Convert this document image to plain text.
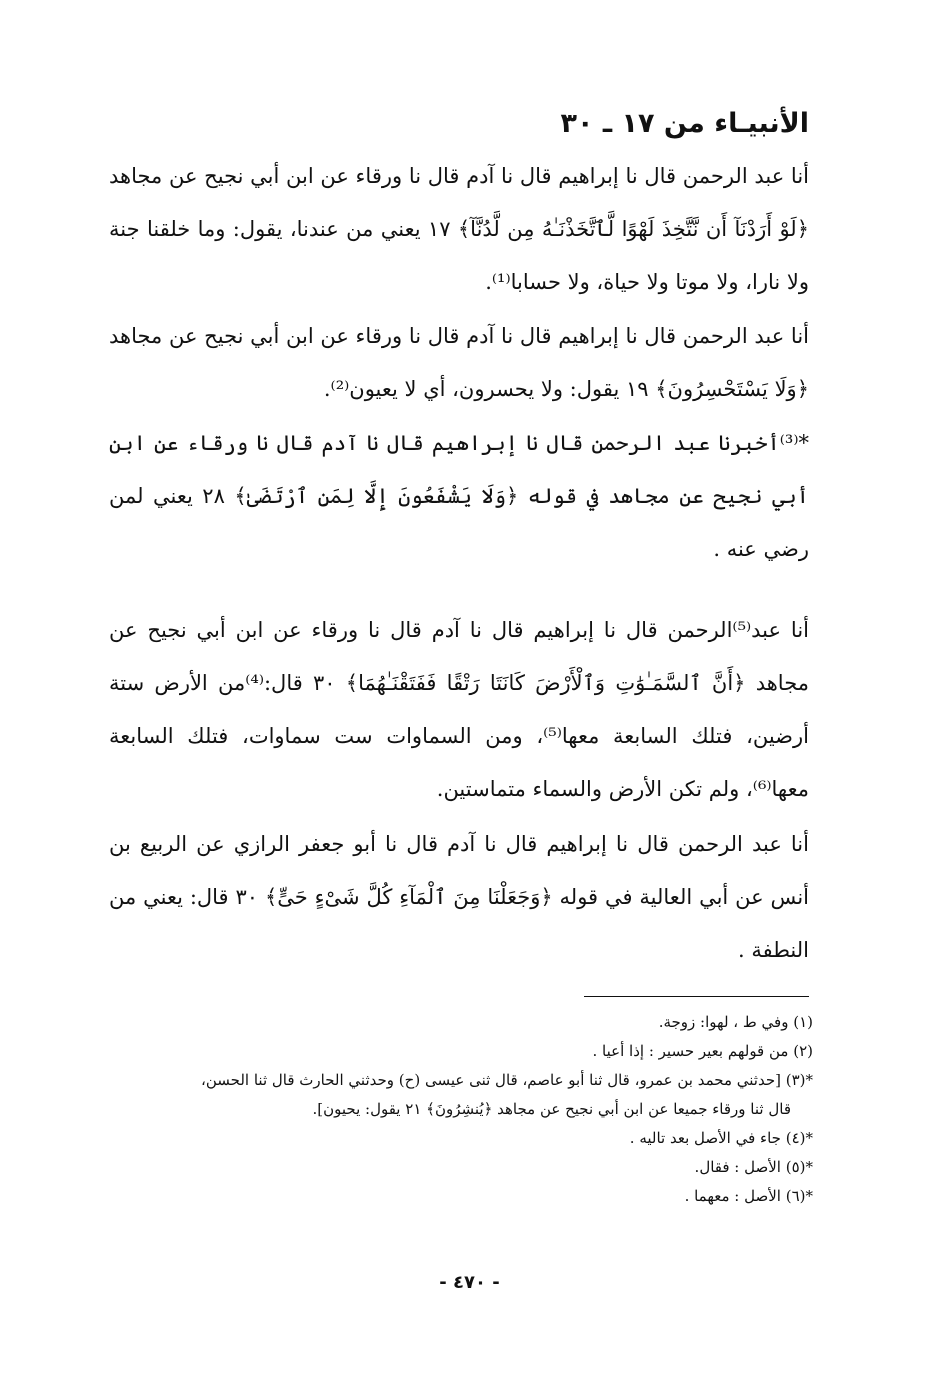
الأنبيـاء من ١٧ ـ ٣٠
أنا عبد الرحمن قال نا إبراهيم قال نا آدم قال نا ورقاء عن ابن أبي نجيح عن مجاهد ﴿لَوْ أَرَدْنَآ أَن نَّتَّخِذَ لَهْوًا لَّٱتَّخَذْنَـٰهُ مِن لَّدُنَّآ﴾ ١٧ يعني من عندنا، يقول: وما خلقنا جنة ولا نارا، ولا موتا ولا حياة، ولا حسابا⁽¹⁾.
أنا عبد الرحمن قال نا إبراهيم قال نا آدم قال نا ورقاء عن ابن أبي نجيح عن مجاهد ﴿وَلَا يَسْتَحْسِرُونَ﴾ ١٩ يقول: ولا يحسرون، أي لا يعيون⁽²⁾.
*⁽³⁾أخبرنا عبد الرحمن قال نا إبراهيم قال نا آدم قال نا ورقاء عن ابن أبي نجيح عن مجاهد في قوله ﴿وَلَا يَشْفَعُونَ إِلَّا لِمَنِ ٱرْتَضَىٰ﴾ ٢٨ يعني لمن رضي عنه .
أنا عبد⁽⁵⁾الرحمن قال نا إبراهيم قال نا آدم قال نا ورقاء عن ابن أبي نجيح عن مجاهد ﴿أَنَّ ٱلسَّمَـٰوَٰتِ وَٱلْأَرْضَ كَانَتَا رَتْقًا فَفَتَقْنَـٰهُمَا﴾ ٣٠ قال:⁽⁴⁾من الأرض ستة أرضين، فتلك السابعة معها⁽⁵⁾، ومن السماوات ست سماوات، فتلك السابعة معها⁽⁶⁾، ولم تكن الأرض والسماء متماستين.
أنا عبد الرحمن قال نا إبراهيم قال نا آدم قال نا أبو جعفر الرازي عن الربيع بن أنس عن أبي العالية في قوله ﴿وَجَعَلْنَا مِنَ ٱلْمَآءِ كُلَّ شَىْءٍ حَىٍّ﴾ ٣٠ قال: يعني من النطفة .
(١) وفي ط ، لهوا: زوجة.
(٢) من قولهم بعير حسير : إذا أعيا .
*(٣) [حدثني محمد بن عمرو، قال ثنا أبو عاصم، قال ثنى عيسى (ح) وحدثني الحارث قال ثنا الحسن،
قال ثنا ورقاء جميعا عن ابن أبي نجيح عن مجاهد ﴿يُنشِرُونَ﴾ ٢١ يقول: يحيون].
*(٤) جاء في الأصل بعد تاليه .
*(٥) الأصل : فقال.
*(٦) الأصل : معهما .
- ٤٧٠ -
